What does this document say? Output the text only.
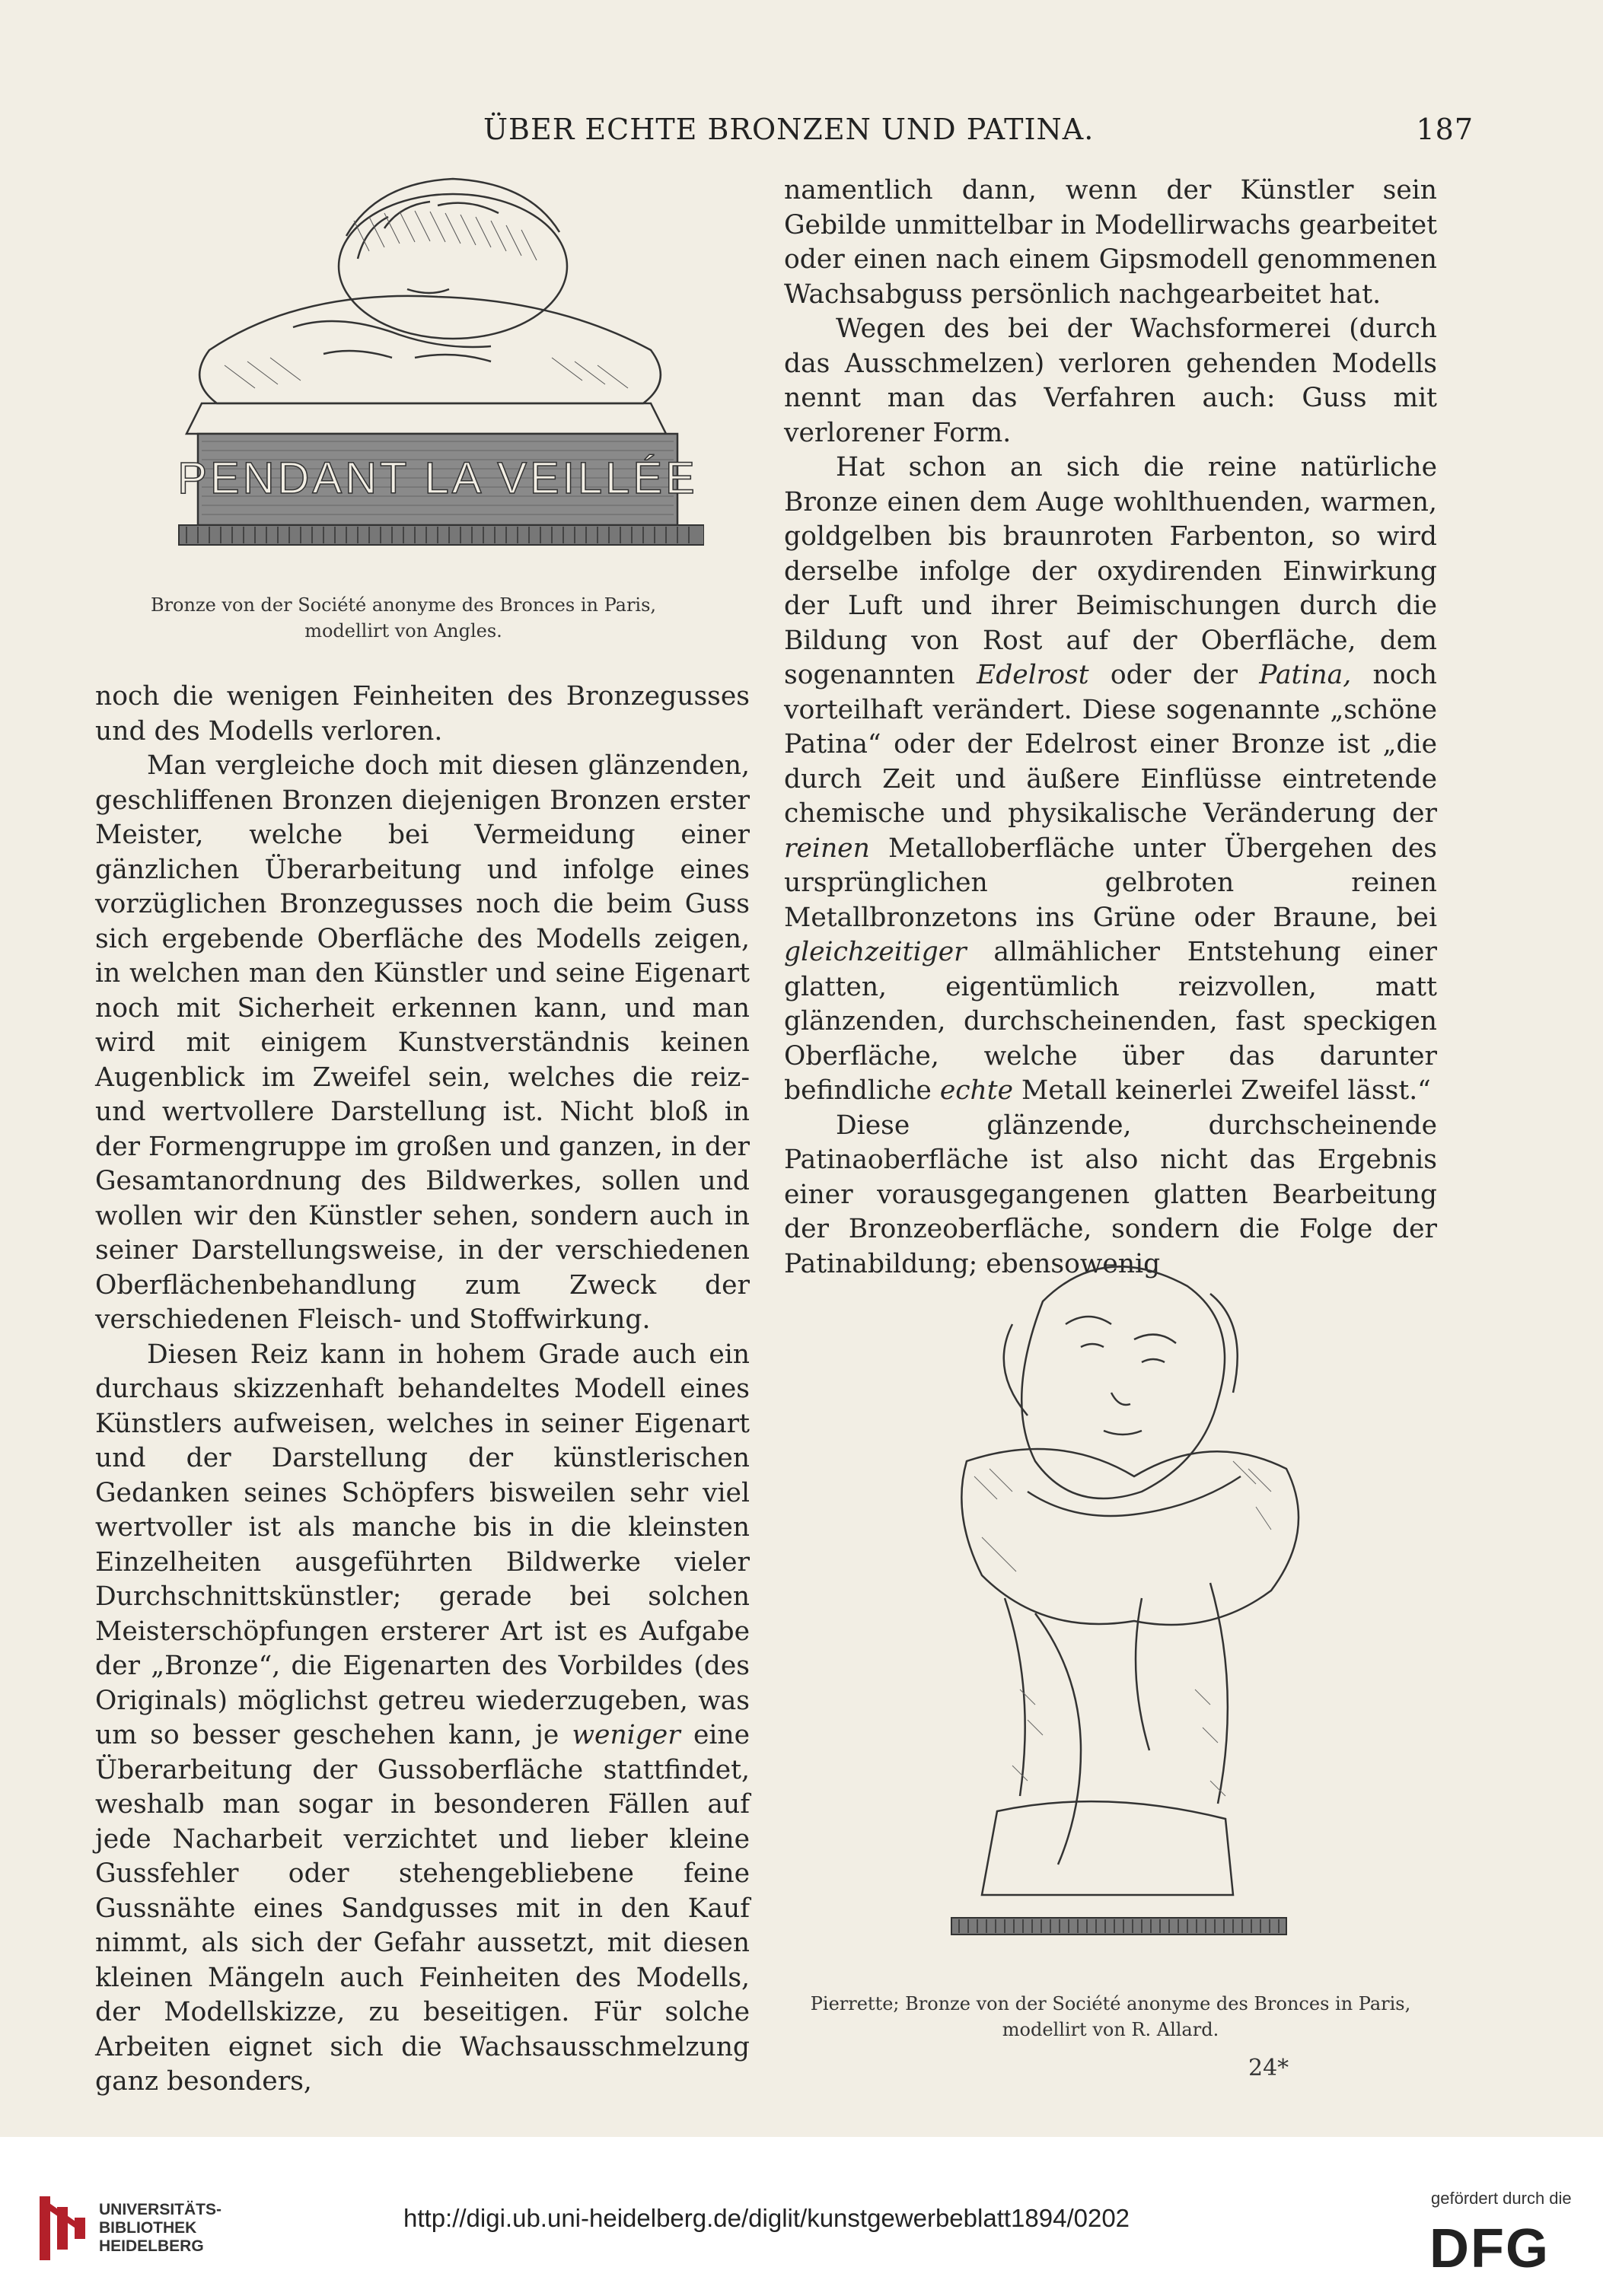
ÜBER ECHTE BRONZEN UND PATINA.	187
PENDANT LA VEILLÉE
Bronze von der Société anonyme des Bronces in Paris,
modellirt von Angles.

noch die wenigen Feinheiten des Bronzegusses und des Modells verloren.

Man vergleiche doch mit diesen glänzenden, geschliffenen Bronzen diejenigen Bronzen erster Meister, welche bei Vermeidung einer gänzlichen Überarbeitung und infolge eines vorzüglichen Bronzegusses noch die beim Guss sich ergebende Oberfläche des Modells zeigen, in welchen man den Künstler und seine Eigenart noch mit Sicherheit erkennen kann, und man wird mit einigem Kunstverständnis keinen Augenblick im Zweifel sein, welches die reiz- und wertvollere Darstellung ist. Nicht bloß in der Formengruppe im großen und ganzen, in der Gesamtanordnung des Bildwerkes, sollen und wollen wir den Künstler sehen, sondern auch in seiner Darstellungsweise, in der verschiedenen Oberflächenbehandlung zum Zweck der verschiedenen Fleisch- und Stoffwirkung.

Diesen Reiz kann in hohem Grade auch ein durchaus skizzenhaft behandeltes Modell eines Künstlers aufweisen, welches in seiner Eigenart und der Darstellung der künstlerischen Gedanken seines Schöpfers bisweilen sehr viel wertvoller ist als manche bis in die kleinsten Einzelheiten ausgeführten Bildwerke vieler Durchschnittskünstler; gerade bei solchen Meisterschöpfungen ersterer Art ist es Aufgabe der „Bronze“, die Eigenarten des Vorbildes (des Originals) möglichst getreu wiederzugeben, was um so besser geschehen kann, je weniger eine Überarbeitung der Gussoberfläche stattfindet, weshalb man sogar in besonderen Fällen auf jede Nacharbeit verzichtet und lieber kleine Gussfehler oder stehengebliebene feine Gussnähte eines Sandgusses mit in den Kauf nimmt, als sich der Gefahr aussetzt, mit diesen kleinen Mängeln auch Feinheiten des Modells, der Modellskizze, zu beseitigen. Für solche Arbeiten eignet sich die Wachsausschmelzung ganz besonders,

namentlich dann, wenn der Künstler sein Gebilde unmittelbar in Modellirwachs gearbeitet oder einen nach einem Gipsmodell genommenen Wachsabguss persönlich nachgearbeitet hat.

Wegen des bei der Wachsformerei (durch das Ausschmelzen) verloren gehenden Modells nennt man das Verfahren auch: Guss mit verlorener Form.

Hat schon an sich die reine natürliche Bronze einen dem Auge wohlthuenden, warmen, goldgelben bis braunroten Farbenton, so wird derselbe infolge der oxydirenden Einwirkung der Luft und ihrer Beimischungen durch die Bildung von Rost auf der Oberfläche, dem sogenannten Edelrost oder der Patina, noch vorteilhaft verändert. Diese sogenannte „schöne Patina“ oder der Edelrost einer Bronze ist „die durch Zeit und äußere Einflüsse eintretende chemische und physikalische Veränderung der reinen Metalloberfläche unter Übergehen des ursprünglichen gelbroten reinen Metallbronzetons ins Grüne oder Braune, bei gleichzeitiger allmählicher Entstehung einer glatten, eigentümlich reizvollen, matt glänzenden, durchscheinenden, fast speckigen Oberfläche, welche über das darunter befindliche echte Metall keinerlei Zweifel lässt.“

Diese glänzende, durchscheinende Patinaoberfläche ist also nicht das Ergebnis einer vorausgegangenen glatten Bearbeitung der Bronzeoberfläche, sondern die Folge der Patinabildung; ebensowenig

Pierrette; Bronze von der Société anonyme des Bronces in Paris,
modellirt von R. Allard.
24*
UNIVERSITÄTS-
BIBLIOTHEK
HEIDELBERG
http://digi.ub.uni-heidelberg.de/diglit/kunstgewerbeblatt1894/0202
gefördert durch die
DFG
